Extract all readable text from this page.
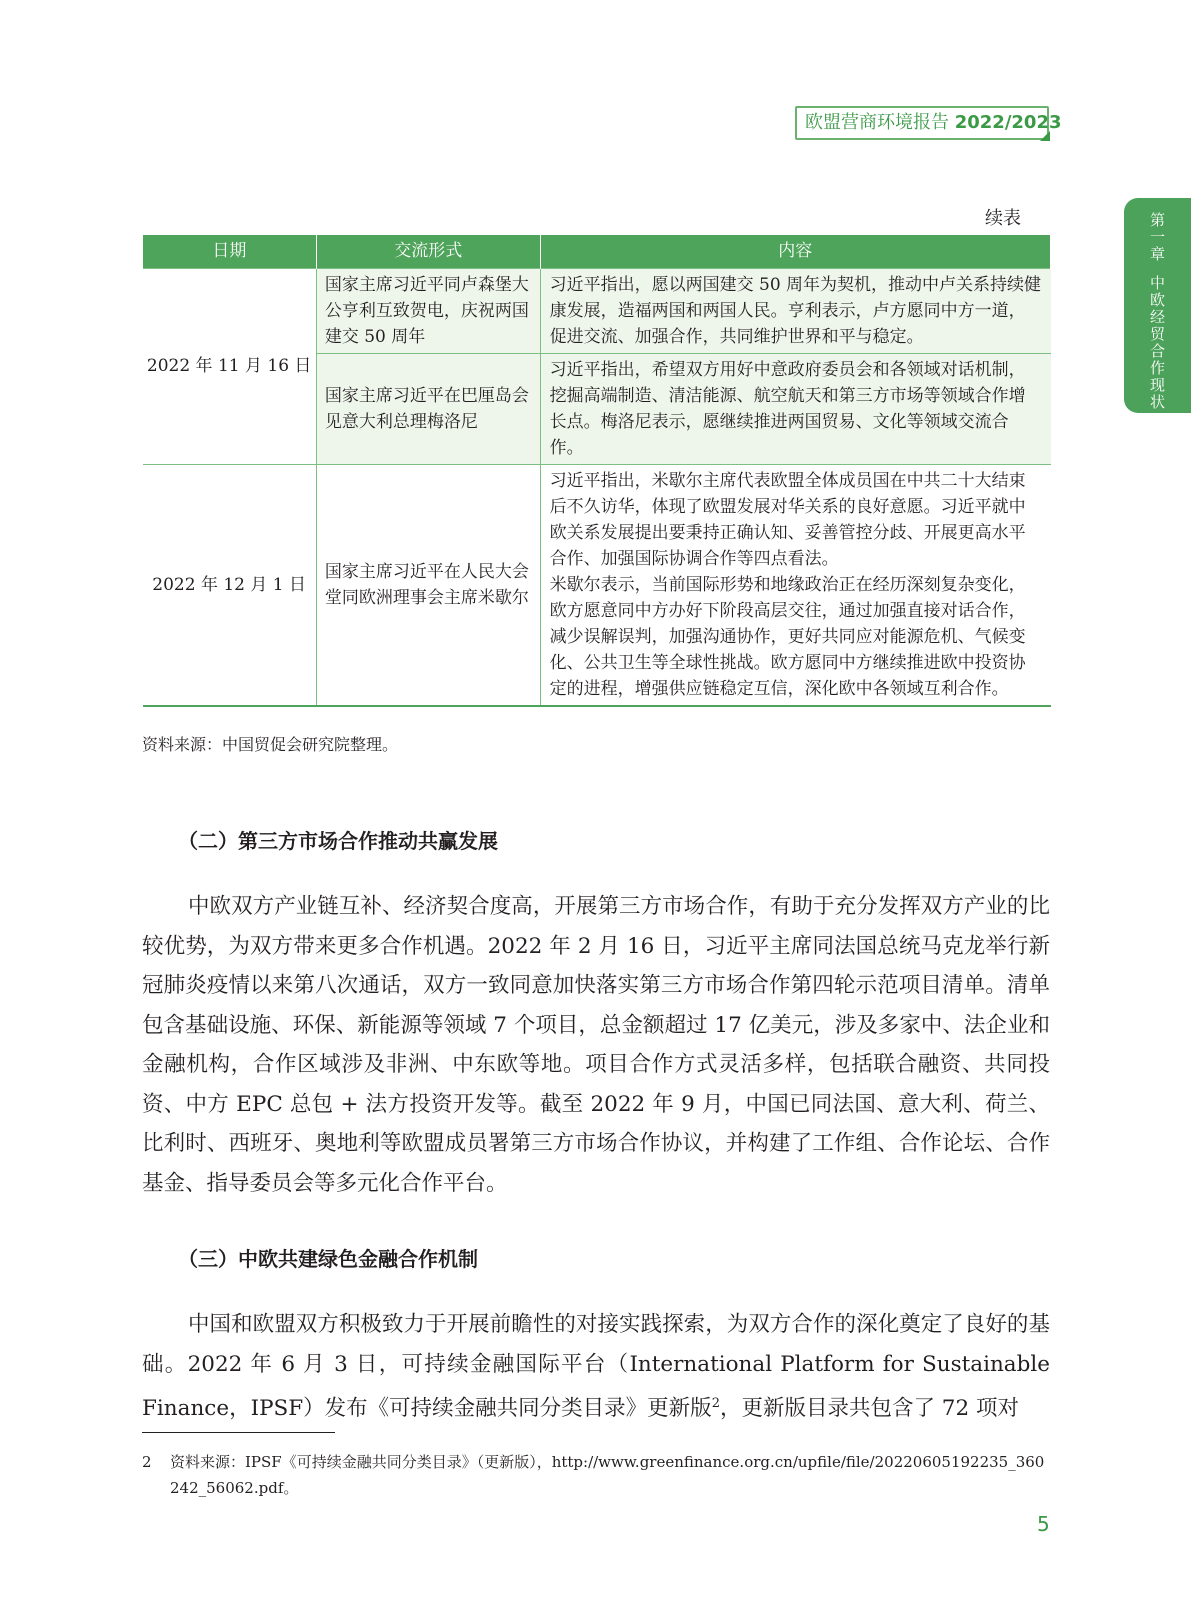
欧盟营商环境报告 2022/2023
第
一
章
中
欧
经
贸
合
作
现
状
续表
日期	交流形式	内容
2022 年 11 月 16 日	国家主席习近平同卢森堡大公亨利互致贺电，庆祝两国建交 50 周年	习近平指出，愿以两国建交 50 周年为契机，推动中卢关系持续健康发展，造福两国和两国人民。亨利表示，卢方愿同中方一道，促进交流、加强合作，共同维护世界和平与稳定。
	国家主席习近平在巴厘岛会见意大利总理梅洛尼	习近平指出，希望双方用好中意政府委员会和各领域对话机制，挖掘高端制造、清洁能源、航空航天和第三方市场等领域合作增长点。梅洛尼表示，愿继续推进两国贸易、文化等领域交流合作。
2022 年 12 月 1 日	国家主席习近平在人民大会堂同欧洲理事会主席米歇尔	习近平指出，米歇尔主席代表欧盟全体成员国在中共二十大结束后不久访华，体现了欧盟发展对华关系的良好意愿。习近平就中欧关系发展提出要秉持正确认知、妥善管控分歧、开展更高水平合作、加强国际协调合作等四点看法。
米歇尔表示，当前国际形势和地缘政治正在经历深刻复杂变化，欧方愿意同中方办好下阶段高层交往，通过加强直接对话合作，减少误解误判，加强沟通协作，更好共同应对能源危机、气候变化、公共卫生等全球性挑战。欧方愿同中方继续推进欧中投资协定的进程，增强供应链稳定互信，深化欧中各领域互利合作。
资料来源：中国贸促会研究院整理。
（二）第三方市场合作推动共赢发展

中欧双方产业链互补、经济契合度高，开展第三方市场合作，有助于充分发挥双方产业的比较优势，为双方带来更多合作机遇。2022 年 2 月 16 日，习近平主席同法国总统马克龙举行新冠肺炎疫情以来第八次通话，双方一致同意加快落实第三方市场合作第四轮示范项目清单。清单包含基础设施、环保、新能源等领域 7 个项目，总金额超过 17 亿美元，涉及多家中、法企业和金融机构，合作区域涉及非洲、中东欧等地。项目合作方式灵活多样，包括联合融资、共同投资、中方 EPC 总包 + 法方投资开发等。截至 2022 年 9 月，中国已同法国、意大利、荷兰、比利时、西班牙、奥地利等欧盟成员署第三方市场合作协议，并构建了工作组、合作论坛、合作基金、指导委员会等多元化合作平台。

（三）中欧共建绿色金融合作机制

中国和欧盟双方积极致力于开展前瞻性的对接实践探索，为双方合作的深化奠定了良好的基础。2022 年 6 月 3 日，可持续金融国际平台（International Platform for Sustainable Finance，IPSF）发布《可持续金融共同分类目录》更新版$^2$，更新版目录共包含了 72 项对

2	资料来源：IPSF《可持续金融共同分类目录》（更新版），http://www.greenfinance.org.cn/upfile/file/20220605192235_360242_56062.pdf。
5
